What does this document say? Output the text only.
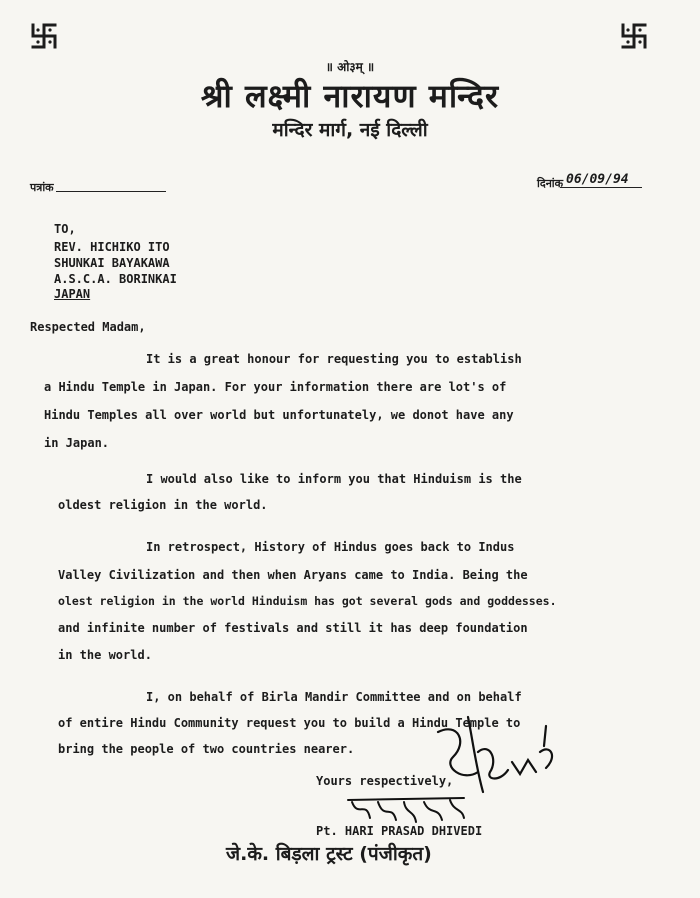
॥ ओ३म् ॥
श्री लक्ष्मी नारायण मन्दिर
मन्दिर मार्ग, नई दिल्ली
पत्रांक	दिनांक 06/09/94
TO,
REV. HICHIKO ITO
SHUNKAI BAYAKAWA
A.S.C.A. BORINKAI
JAPAN
Respected Madam,
It is a great honour for requesting you to establish
a Hindu Temple in Japan. For your information there are lot's of
Hindu Temples all over world but unfortunately, we donot have any
in Japan.
I would also like to inform you that Hinduism is the
oldest religion in the world.
In retrospect, History of Hindus goes back to Indus
Valley Civilization and then when Aryans came to India. Being the
olest religion in the world Hinduism has got several gods and goddesses.
and infinite number of festivals and still it has deep foundation
in the world.
I, on behalf of Birla Mandir Committee and on behalf
of entire Hindu Community request you to build a Hindu Temple to
bring the people of two countries nearer.
Yours respectively,
Pt. HARI PRASAD DHIVEDI
जे.के. बिड़ला ट्रस्ट (पंजीकृत)
